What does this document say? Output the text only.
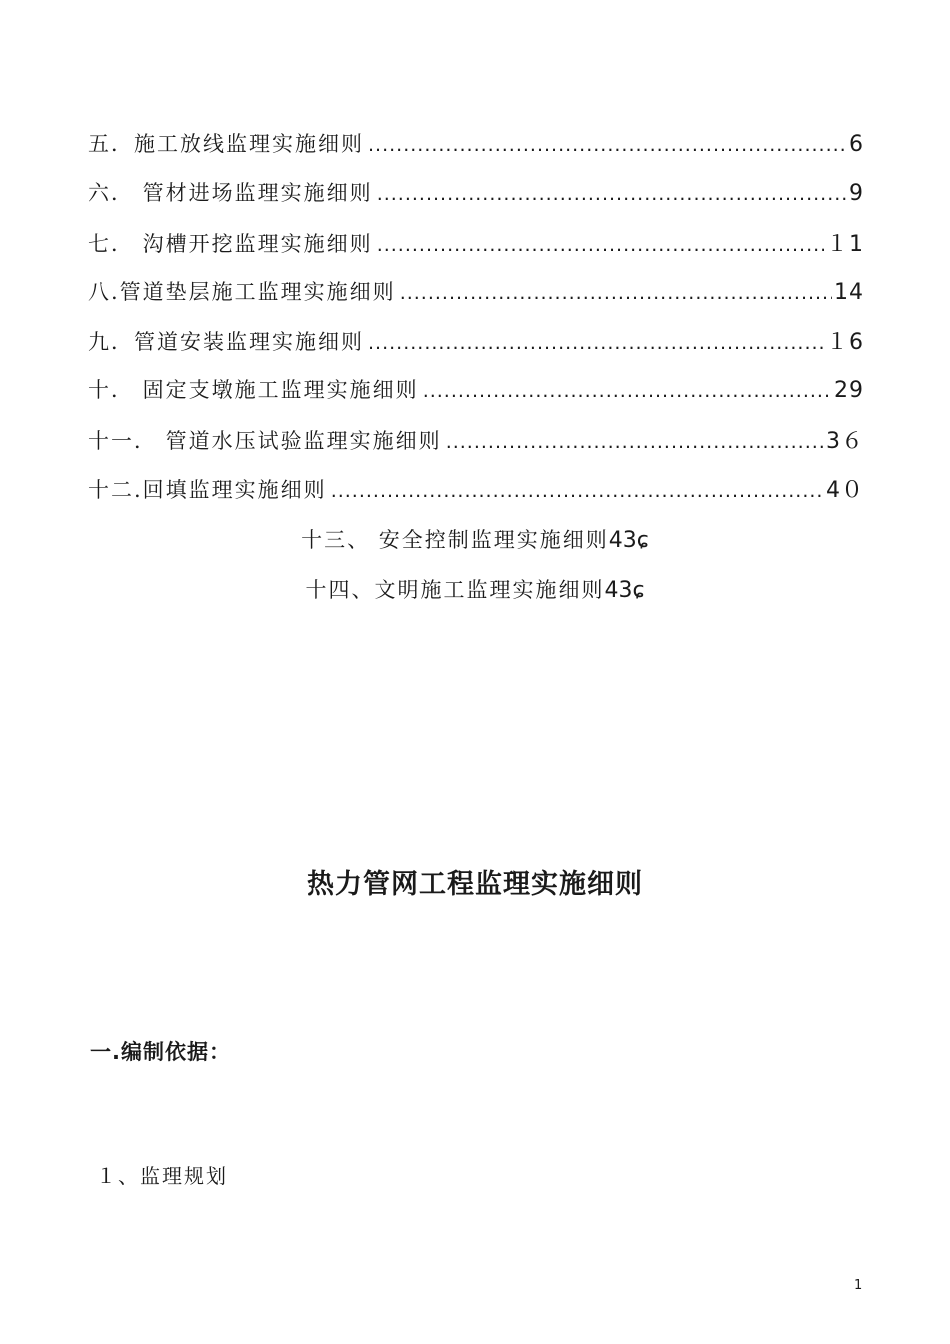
五．施工放线监理实施细则 .....	6
六． 管材进场监理实施细则 .....	9
七． 沟槽开挖监理实施细则 .....	１1
八.管道垫层施工监理实施细则 .....	14
九．管道安装监理实施细则 .....	１6
十． 固定支墩施工监理实施细则 .....	29
十一． 管道水压试验监理实施细则 .....	3６
十二.回填监理实施细则 .....	4０
十三、 安全控制监理实施细则43ɕ
十四、文明施工监理实施细则43ɕ
热力管网工程监理实施细则
一.编制依据：
１、监理规划
1
